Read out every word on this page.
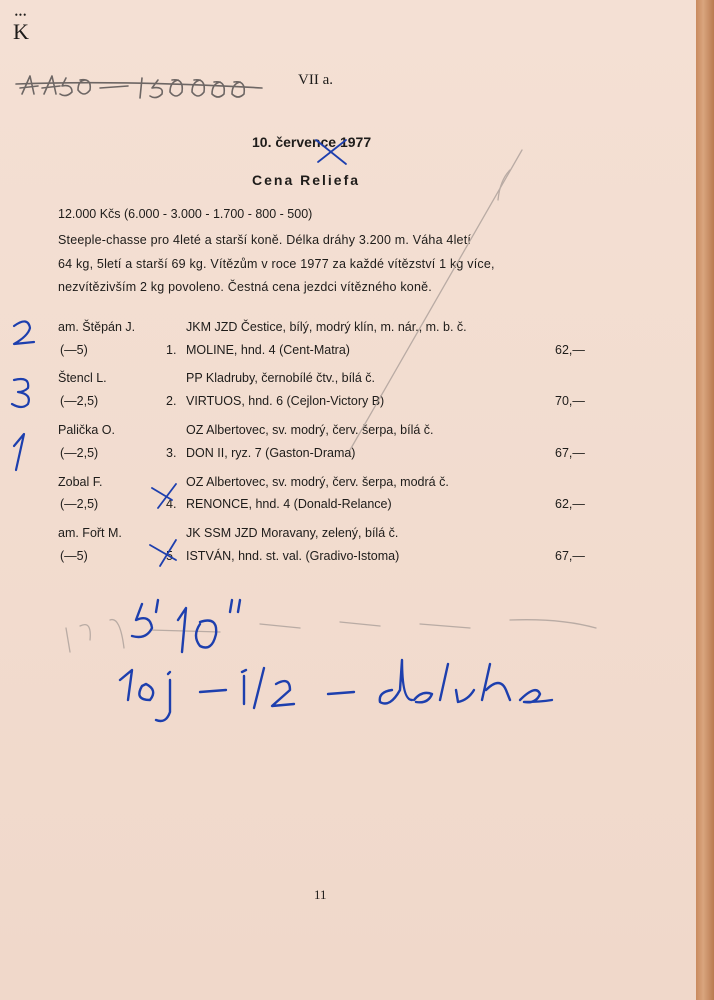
•••
K
VII a.
10. července 1977
Cena Reliefa
12.000 Kčs (6.000 - 3.000 - 1.700 - 800 - 500)
Steeple-chasse pro 4leté a starší koně. Délka dráhy 3.200 m. Váha 4letí
64 kg, 5letí a starší 69 kg. Vítězům v roce 1977 za každé vítězství 1 kg více,
nezvítězivším 2 kg povoleno. Čestná cena jezdci vítězného koně.
am. Štěpán J.	JKM JZD Čestice, bílý, modrý klín, m. nár., m. b. č.
(—5)	1. MOLINE, hnd. 4 (Cent-Matra)	62,—
Štencl L.	PP Kladruby, černobílé čtv., bílá č.
(—2,5)	2. VIRTUOS, hnd. 6 (Cejlon-Victory B)	70,—
Palička O.	OZ Albertovec, sv. modrý, červ. šerpa, bílá č.
(—2,5)	3. DON II, ryz. 7 (Gaston-Drama)	67,—
Zobal F.	OZ Albertovec, sv. modrý, červ. šerpa, modrá č.
(—2,5)	4. RENONCE, hnd. 4 (Donald-Relance)	62,—
am. Fořt M.	JK SSM JZD Moravany, zelený, bílá č.
(—5)	5. ISTVÁN, hnd. st. val. (Gradivo-Istoma)	67,—
11
